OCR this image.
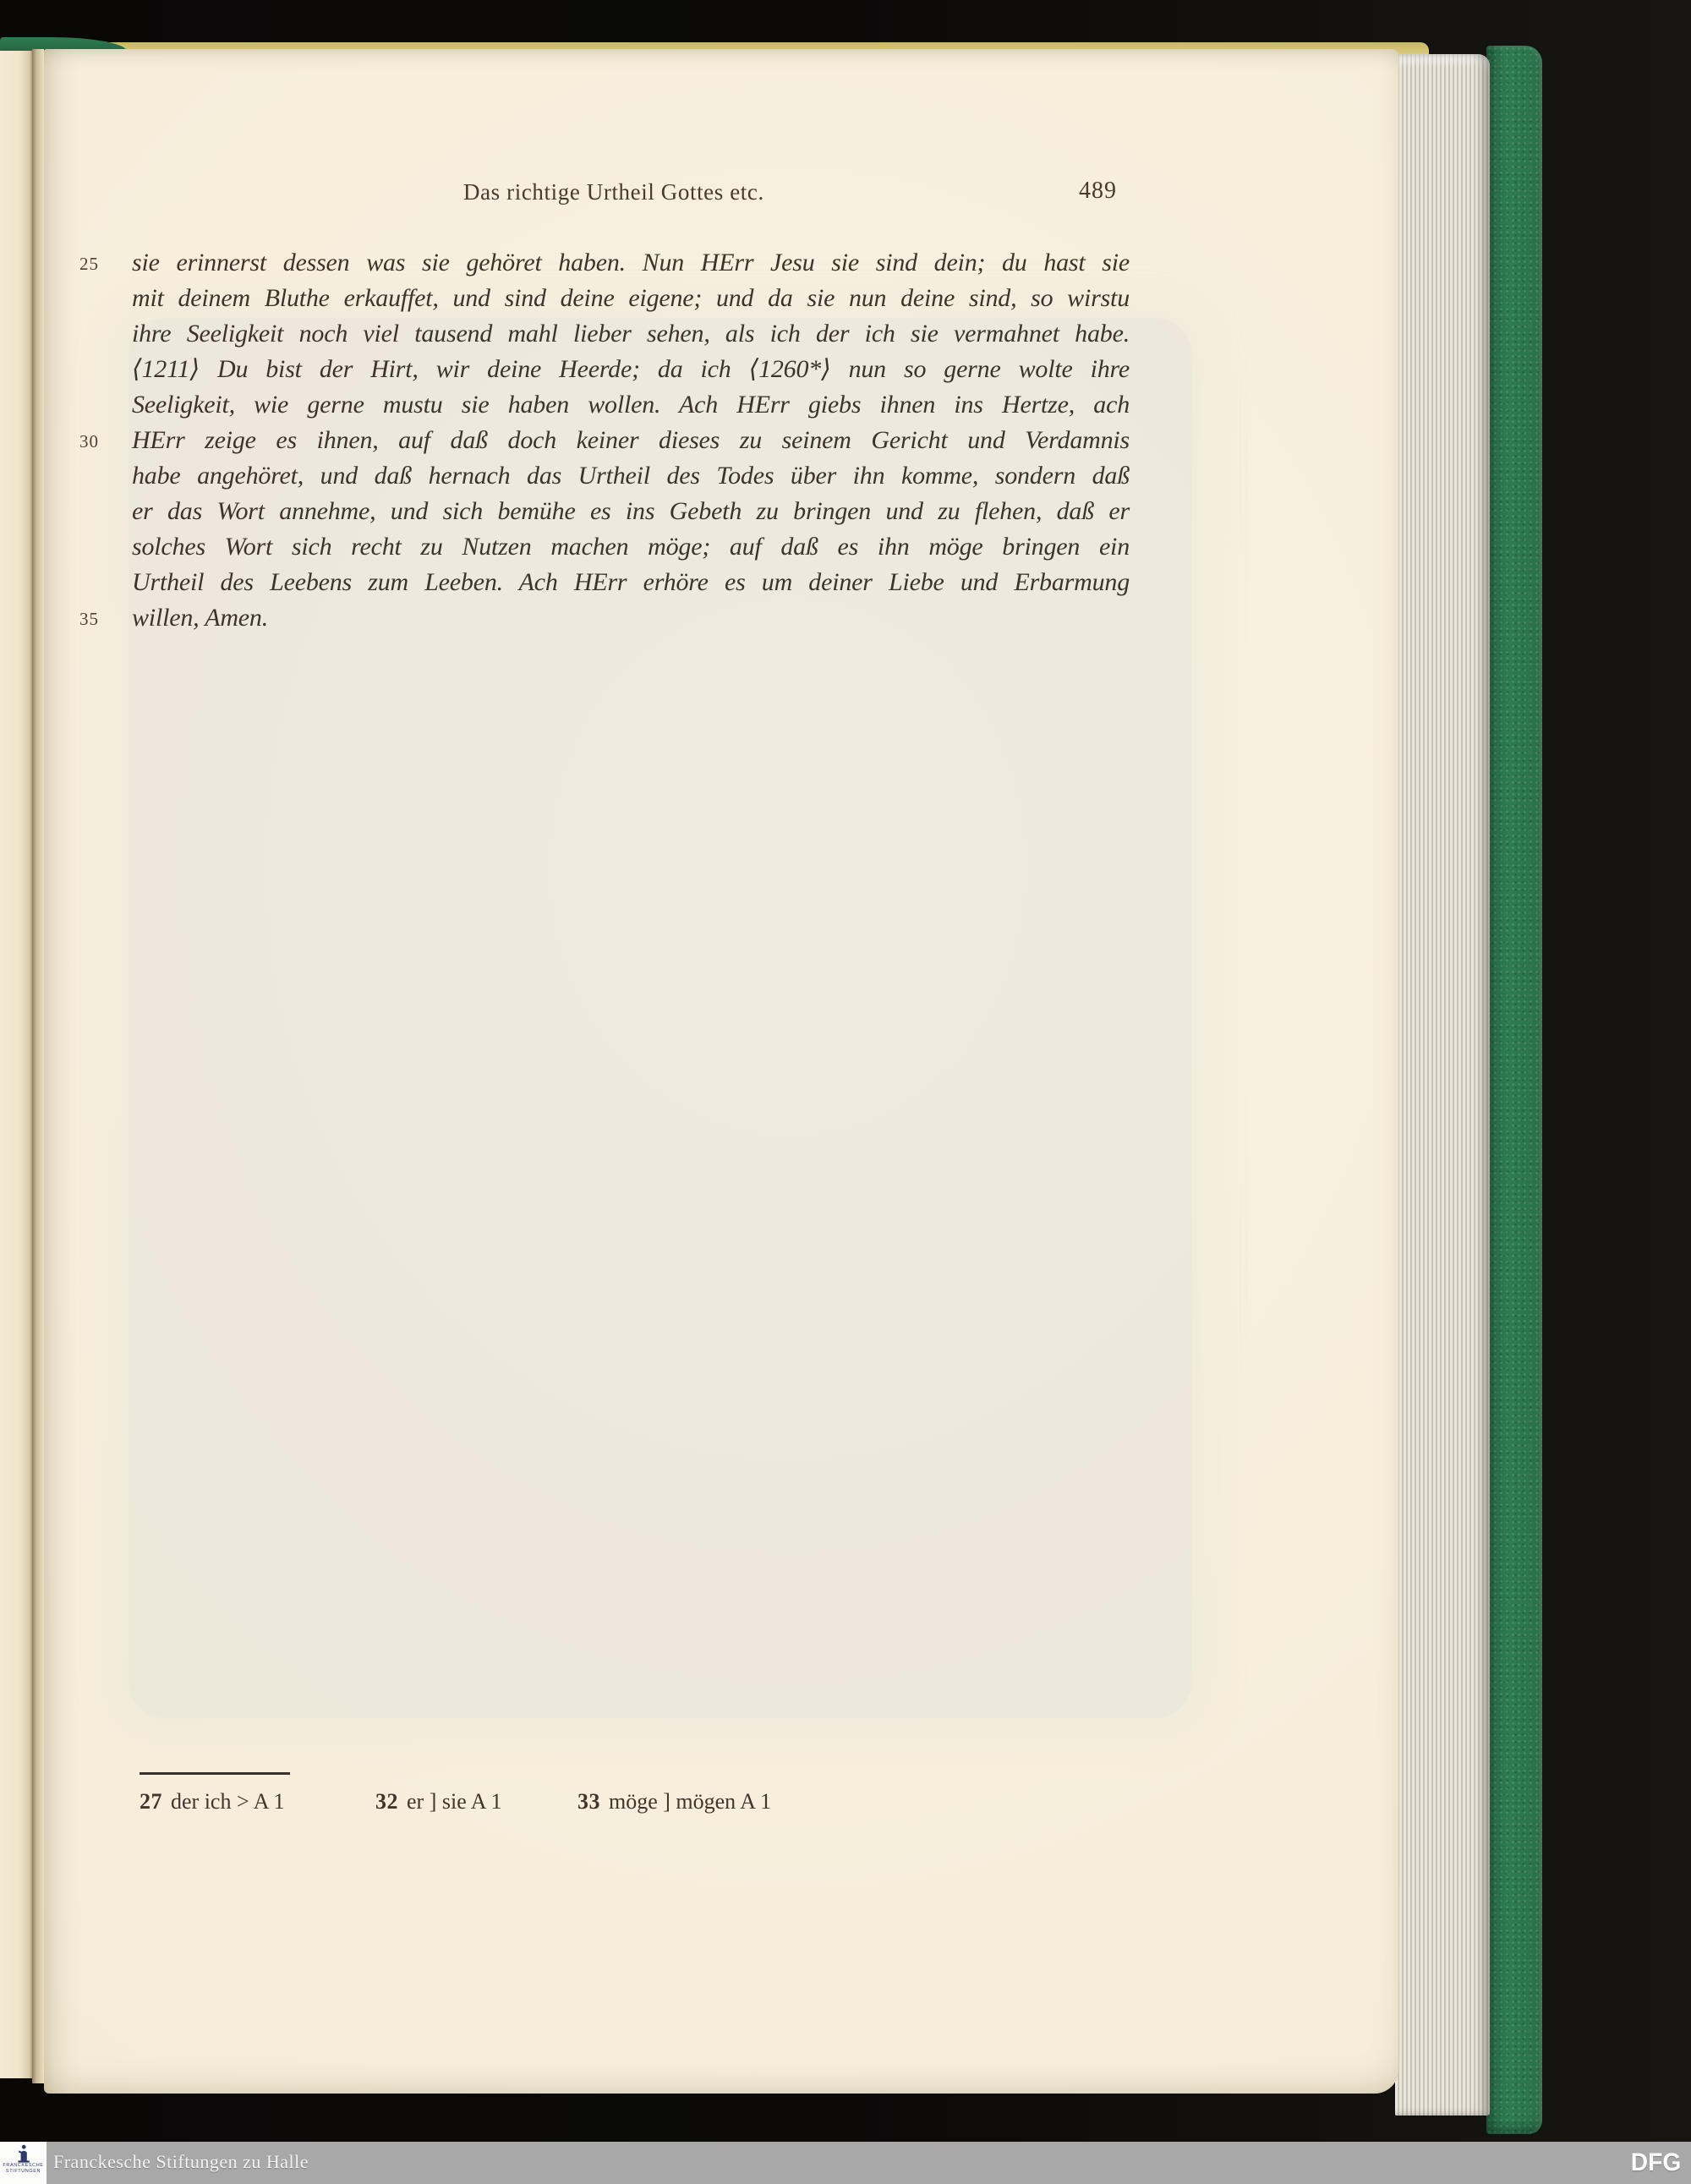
Das richtige Urtheil Gottes etc.	489
25	sie erinnerst dessen was sie gehöret haben. Nun HErr Jesu sie sind dein; du hast sie
mit deinem Bluthe erkauffet, und sind deine eigene; und da sie nun deine sind, so wirstu
ihre Seeligkeit noch viel tausend mahl lieber sehen, als ich der ich sie vermahnet habe.
⟨1211⟩ Du bist der Hirt, wir deine Heerde; da ich ⟨1260*⟩ nun so gerne wolte ihre
Seeligkeit, wie gerne mustu sie haben wollen. Ach HErr giebs ihnen ins Hertze, ach
30	HErr zeige es ihnen, auf daß doch keiner dieses zu seinem Gericht und Verdamnis
habe angehöret, und daß hernach das Urtheil des Todes über ihn komme, sondern daß
er das Wort annehme, und sich bemühe es ins Gebeth zu bringen und zu flehen, daß er
solches Wort sich recht zu Nutzen machen möge; auf daß es ihn möge bringen ein
Urtheil des Leebens zum Leeben. Ach HErr erhöre es um deiner Liebe und Erbarmung
35	willen, Amen.
27 der ich > A 1	32 er ] sie A 1	33 möge ] mögen A 1
FRANCKESCHE
STIFTUNGEN Franckesche Stiftungen zu Halle	DFG
